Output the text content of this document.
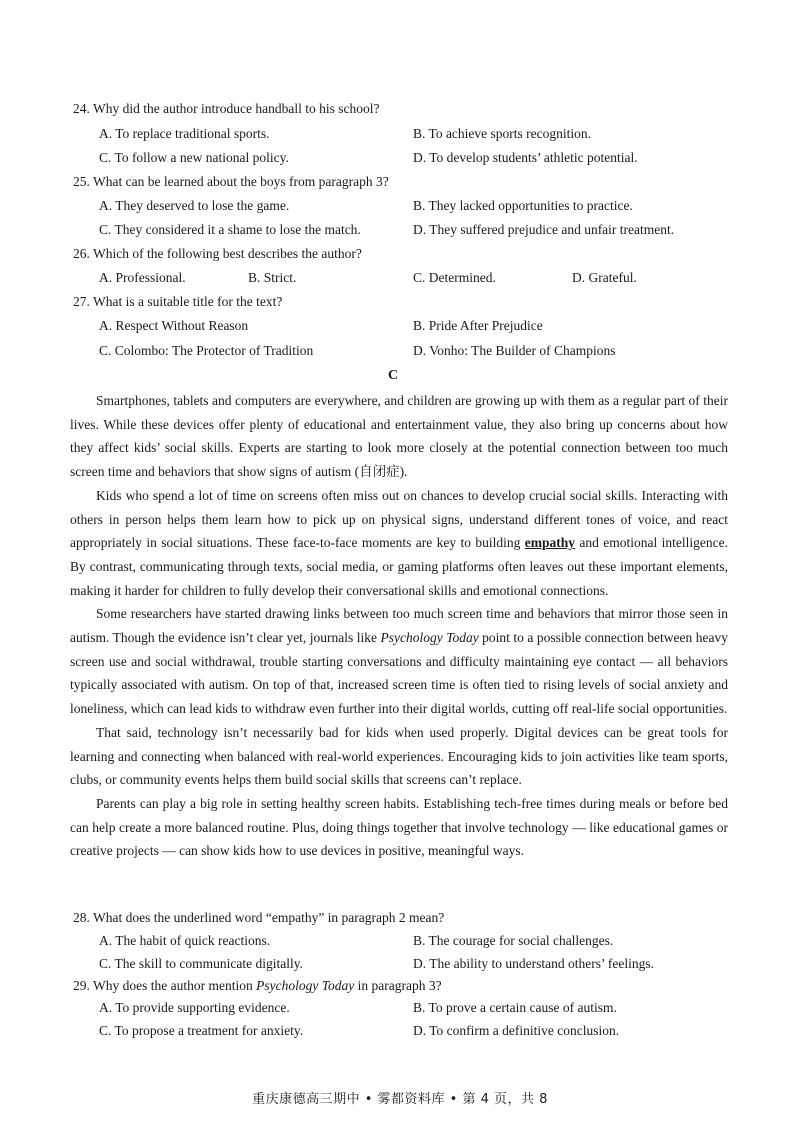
24. Why did the author introduce handball to his school?
A. To replace traditional sports.	B. To achieve sports recognition.
C. To follow a new national policy.	D. To develop students’ athletic potential.
25. What can be learned about the boys from paragraph 3?
A. They deserved to lose the game.	B. They lacked opportunities to practice.
C. They considered it a shame to lose the match.	D. They suffered prejudice and unfair treatment.
26. Which of the following best describes the author?
A. Professional.	B. Strict.	C. Determined.	D. Grateful.
27. What is a suitable title for the text?
A. Respect Without Reason	B. Pride After Prejudice
C. Colombo: The Protector of Tradition	D. Vonho: The Builder of Champions
C

Smartphones, tablets and computers are everywhere, and children are growing up with them as a regular part of their lives. While these devices offer plenty of educational and entertainment value, they also bring up concerns about how they affect kids’ social skills. Experts are starting to look more closely at the potential connection between too much screen time and behaviors that show signs of autism (自闭症).

Kids who spend a lot of time on screens often miss out on chances to develop crucial social skills. Interacting with others in person helps them learn how to pick up on physical signs, understand different tones of voice, and react appropriately in social situations. These face-to-face moments are key to building empathy and emotional intelligence. By contrast, communicating through texts, social media, or gaming platforms often leaves out these important elements, making it harder for children to fully develop their conversational skills and emotional connections.

Some researchers have started drawing links between too much screen time and behaviors that mirror those seen in autism. Though the evidence isn’t clear yet, journals like Psychology Today point to a possible connection between heavy screen use and social withdrawal, trouble starting conversations and difficulty maintaining eye contact — all behaviors typically associated with autism. On top of that, increased screen time is often tied to rising levels of social anxiety and loneliness, which can lead kids to withdraw even further into their digital worlds, cutting off real-life social opportunities.

That said, technology isn’t necessarily bad for kids when used properly. Digital devices can be great tools for learning and connecting when balanced with real-world experiences. Encouraging kids to join activities like team sports, clubs, or community events helps them build social skills that screens can’t replace.

Parents can play a big role in setting healthy screen habits. Establishing tech-free times during meals or before bed can help create a more balanced routine. Plus, doing things together that involve technology — like educational games or creative projects — can show kids how to use devices in positive, meaningful ways.

28. What does the underlined word “empathy” in paragraph 2 mean?
A. The habit of quick reactions.	B. The courage for social challenges.
C. The skill to communicate digitally.	D. The ability to understand others’ feelings.
29. Why does the author mention Psychology Today in paragraph 3?
A. To provide supporting evidence.	B. To prove a certain cause of autism.
C. To propose a treatment for anxiety.	D. To confirm a definitive conclusion.
重庆康德高三期中 • 雾都资料库 • 第 4 页，共 8
